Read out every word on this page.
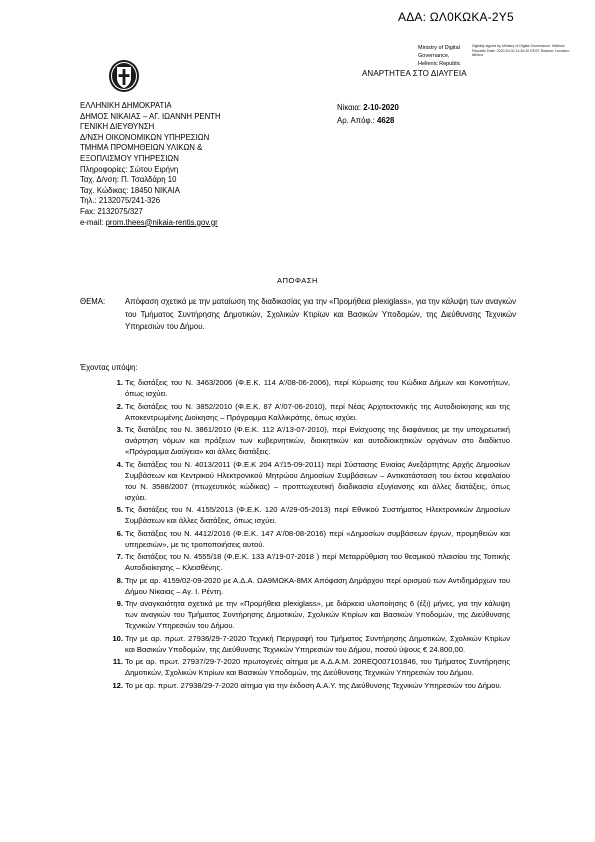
ΑΔΑ: ΩΛ0ΚΩΚΑ-2Υ5
Ministry of Digital
Governance,
Hellenic Republic
Digitally signed by Ministry of Digital Governance, Hellenic Republic Date: 2020.10.02 11:44:40 EEST Reason: Location: Athens
ΑΝΑΡΤΗΤΕΑ ΣΤΟ ΔΙΑΥΓΕΙΑ
ΕΛΛΗΝΙΚΗ ΔΗΜΟΚΡΑΤΙΑ
ΔΗΜΟΣ ΝΙΚΑΙΑΣ – ΑΓ. ΙΩΑΝΝΗ ΡΕΝΤΗ
ΓΕΝΙΚΗ ΔΙΕΥΘΥΝΣΗ
Δ/ΝΣΗ ΟΙΚΟΝΟΜΙΚΩΝ ΥΠΗΡΕΣΙΩΝ
ΤΜΗΜΑ ΠΡΟΜΗΘΕΙΩΝ ΥΛΙΚΩΝ &
ΕΞΟΠΛΙΣΜΟΥ ΥΠΗΡΕΣΙΩΝ
Πληροφορίες: Σώτου Ειρήνη
Ταχ. Δ/νση: Π. Τσαλδάρη 10
Ταχ. Κώδικας: 18450 ΝΙΚΑΙΑ
Τηλ.: 2132075/241-326
Fax: 2132075/327
e-mail: prom.thees@nikaia-rentis.gov.gr
Νίκαια: 2-10-2020
Αρ. Απόφ.: 4628
ΑΠΟΦΑΣΗ
ΘΕΜΑ:	Απόφαση σχετικά με την ματαίωση της διαδικασίας για την «Προμήθεια plexiglass», για την κάλυψη των αναγκών του Τμήματος Συντήρησης Δημοτικών, Σχολικών Κτιρίων και Βασικών Υποδομών, της Διεύθυνσης Τεχνικών Υπηρεσιών του Δήμου.
Έχοντας υπόψη:
1. Τις διατάξεις του Ν. 3463/2006 (Φ.Ε.Κ. 114 Α'/08-06-2006), περί Κύρωσης του Κώδικα Δήμων και Κοινοτήτων, όπως ισχύει.
2. Τις διατάξεις του Ν. 3852/2010 (Φ.Ε.Κ. 87 Α'/07-06-2010), περί Νέας Αρχιτεκτονικής της Αυτοδιοίκησης και της Αποκεντρωμένης Διοίκησης – Πρόγραμμα Καλλικράτης, όπως ισχύει.
3. Τις διατάξεις του Ν. 3861/2010 (Φ.Ε.Κ. 112 Α'/13-07-2010), περί Ενίσχυσης της διαφάνειας με την υποχρεωτική ανάρτηση νόμων και πράξεων των κυβερνητικών, διοικητικών και αυτοδιοικητικών οργάνων στο διαδίκτυο «Πρόγραμμα Διαύγεια» και άλλες διατάξεις.
4. Τις διατάξεις του Ν. 4013/2011 (Φ.Ε.Κ 204 Α'/15-09-2011) περί Σύστασης Ενιαίας Ανεξάρτητης Αρχής Δημοσίων Συμβάσεων και Κεντρικού Ηλεκτρονικού Μητρώου Δημοσίων Συμβάσεων – Αντικατάσταση του έκτου κεφαλαίου του Ν. 3588/2007 (πτωχευτικός κώδικας) – προπτωχευτική διαδικασία εξυγίανσης και άλλες διατάξεις, όπως ισχύει.
5. Τις διατάξεις του Ν. 4155/2013 (Φ.Ε.Κ. 120 Α'/29-05-2013) περί Εθνικού Συστήματος Ηλεκτρονικών Δημοσίων Συμβάσεων και άλλες διατάξεις, όπως ισχύει.
6. Τις διατάξεις του Ν. 4412/2016 (Φ.Ε.Κ. 147 Α'/08-08-2016) περί «Δημοσίων συμβάσεων έργων, προμηθειών και υπηρεσιών», με τις τροποποιήσεις αυτού.
7. Τις διατάξεις του Ν. 4555/18 (Φ.Ε.Κ. 133 Α'/19-07-2018 ) περί Μεταρρύθμιση του θεσμικού πλαισίου της Τοπικής Αυτοδιοίκησης – Κλεισθένης.
8. Την με αρ. 4159/02-09-2020 με Α.Δ.Α. ΩΑ9ΜΩΚΑ-8ΜΧ Απόφαση Δημάρχου περί ορισμού των Αντιδημάρχων του Δήμου Νίκαιας – Αγ. Ι. Ρέντη.
9. Την αναγκαιότητα σχετικά με την «Προμήθεια plexiglass», με διάρκεια υλοποίησης 6 (έξι) μήνες, για την κάλυψη των αναγκών του Τμήματος Συντήρησης Δημοτικών, Σχολικών Κτιρίων και Βασικών Υποδομών, της Διεύθυνσης Τεχνικών Υπηρεσιών του Δήμου.
10. Την με αρ. πρωτ. 27936/29-7-2020 Τεχνική Περιγραφή του Τμήματος Συντήρησης Δημοτικών, Σχολικών Κτιρίων και Βασικών Υποδομών, της Διεύθυνσης Τεχνικών Υπηρεσιών του Δήμου, ποσού ύψους € 24.800,00.
11. Το με αρ. πρωτ. 27937/29-7-2020 πρωτογενές αίτημα με Α.Δ.Α.Μ. 20REQ007101846, του Τμήματος Συντήρησης Δημοτικών, Σχολικών Κτιρίων και Βασικών Υποδομών, της Διεύθυνσης Τεχνικών Υπηρεσιών του Δήμου.
12. Το με αρ. πρωτ. 27938/29-7-2020 αίτημα για την έκδοση Α.Α.Υ. της Διεύθυνσης Τεχνικών Υπηρεσιών του Δήμου.
